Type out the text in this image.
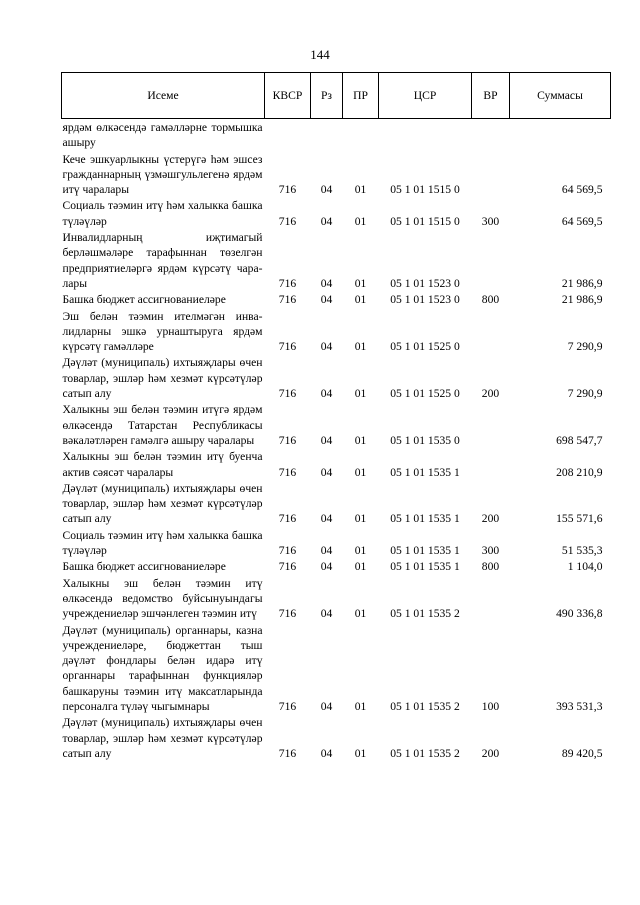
144
Исеме	КВСР	Рз	ПР	ЦСР	ВР	Суммасы
ярдәм өлкәсендә гамәлләрне тормышка ашыру						
Кече эшкуарлыкны үстерүгә һәм эшсез гражданнарның үзмәшгульлегенә ярдәм итү чаралары	716	04	01	05 1 01 1515 0		64 569,5
Социаль тәэмин итү һәм халыкка башка түләүләр	716	04	01	05 1 01 1515 0	300	64 569,5
Инвалидларның иҗтимагый берләшмәләре тарафыннан төзелгән предприятиеләргә ярдәм күрсәтү чаралары	716	04	01	05 1 01 1523 0		21 986,9
Башка бюджет ассигнованиеләре	716	04	01	05 1 01 1523 0	800	21 986,9
Эш белән тәэмин ителмәгән инвалидларны эшкә урнаштыруга ярдәм күрсәтү гамәлләре	716	04	01	05 1 01 1525 0		7 290,9
Дәүләт (муниципаль) ихтыяҗлары өчен товарлар, эшләр һәм хезмәт күрсәтүләр сатып алу	716	04	01	05 1 01 1525 0	200	7 290,9
Халыкны эш белән тәэмин итүгә ярдәм өлкәсендә Татарстан Республикасы вәкаләтләрен гамәлгә ашыру чаралары	716	04	01	05 1 01 1535 0		698 547,7
Халыкны эш белән тәэмин итү буенча актив сәясәт чаралары	716	04	01	05 1 01 1535 1		208 210,9
Дәүләт (муниципаль) ихтыяҗлары өчен товарлар, эшләр һәм хезмәт күрсәтүләр сатып алу	716	04	01	05 1 01 1535 1	200	155 571,6
Социаль тәэмин итү һәм халыкка башка түләүләр	716	04	01	05 1 01 1535 1	300	51 535,3
Башка бюджет ассигнованиеләре	716	04	01	05 1 01 1535 1	800	1 104,0
Халыкны эш белән тәэмин итү өлкәсендә ведомство буйсынуындагы учреждениеләр эшчәнлеген тәэмин итү	716	04	01	05 1 01 1535 2		490 336,8
Дәүләт (муниципаль) органнары, казна учреждениеләре, бюджеттан тыш дәүләт фондлары белән идарә итү органнары тарафыннан функцияләр башкаруны тәэмин итү максатларында персоналга түләү чыгымнары	716	04	01	05 1 01 1535 2	100	393 531,3
Дәүләт (муниципаль) ихтыяҗлары өчен товарлар, эшләр һәм хезмәт күрсәтүләр сатып алу	716	04	01	05 1 01 1535 2	200	89 420,5
